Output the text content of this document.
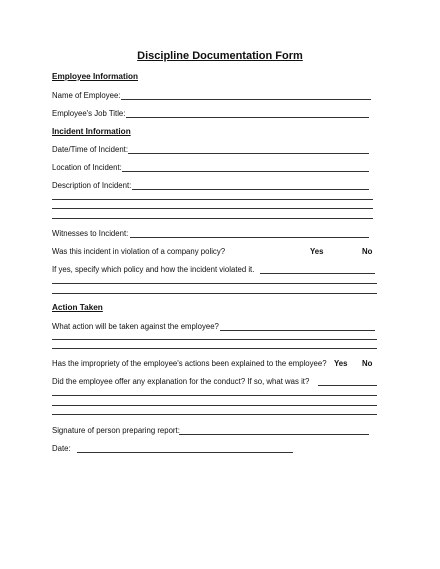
Discipline Documentation Form
Employee Information
Name of Employee:
Employee's Job Title:
Incident Information
Date/Time of Incident:
Location of Incident:
Description of Incident:
Witnesses to Incident:
Was this incident in violation of a company policy?	Yes	No
If yes, specify which policy and how the incident violated it.
Action Taken
What action will be taken against the employee?
Has the impropriety of the employee's actions been explained to the employee? Yes No
Did the employee offer any explanation for the conduct? If so, what was it?
Signature of person preparing report:
Date:
